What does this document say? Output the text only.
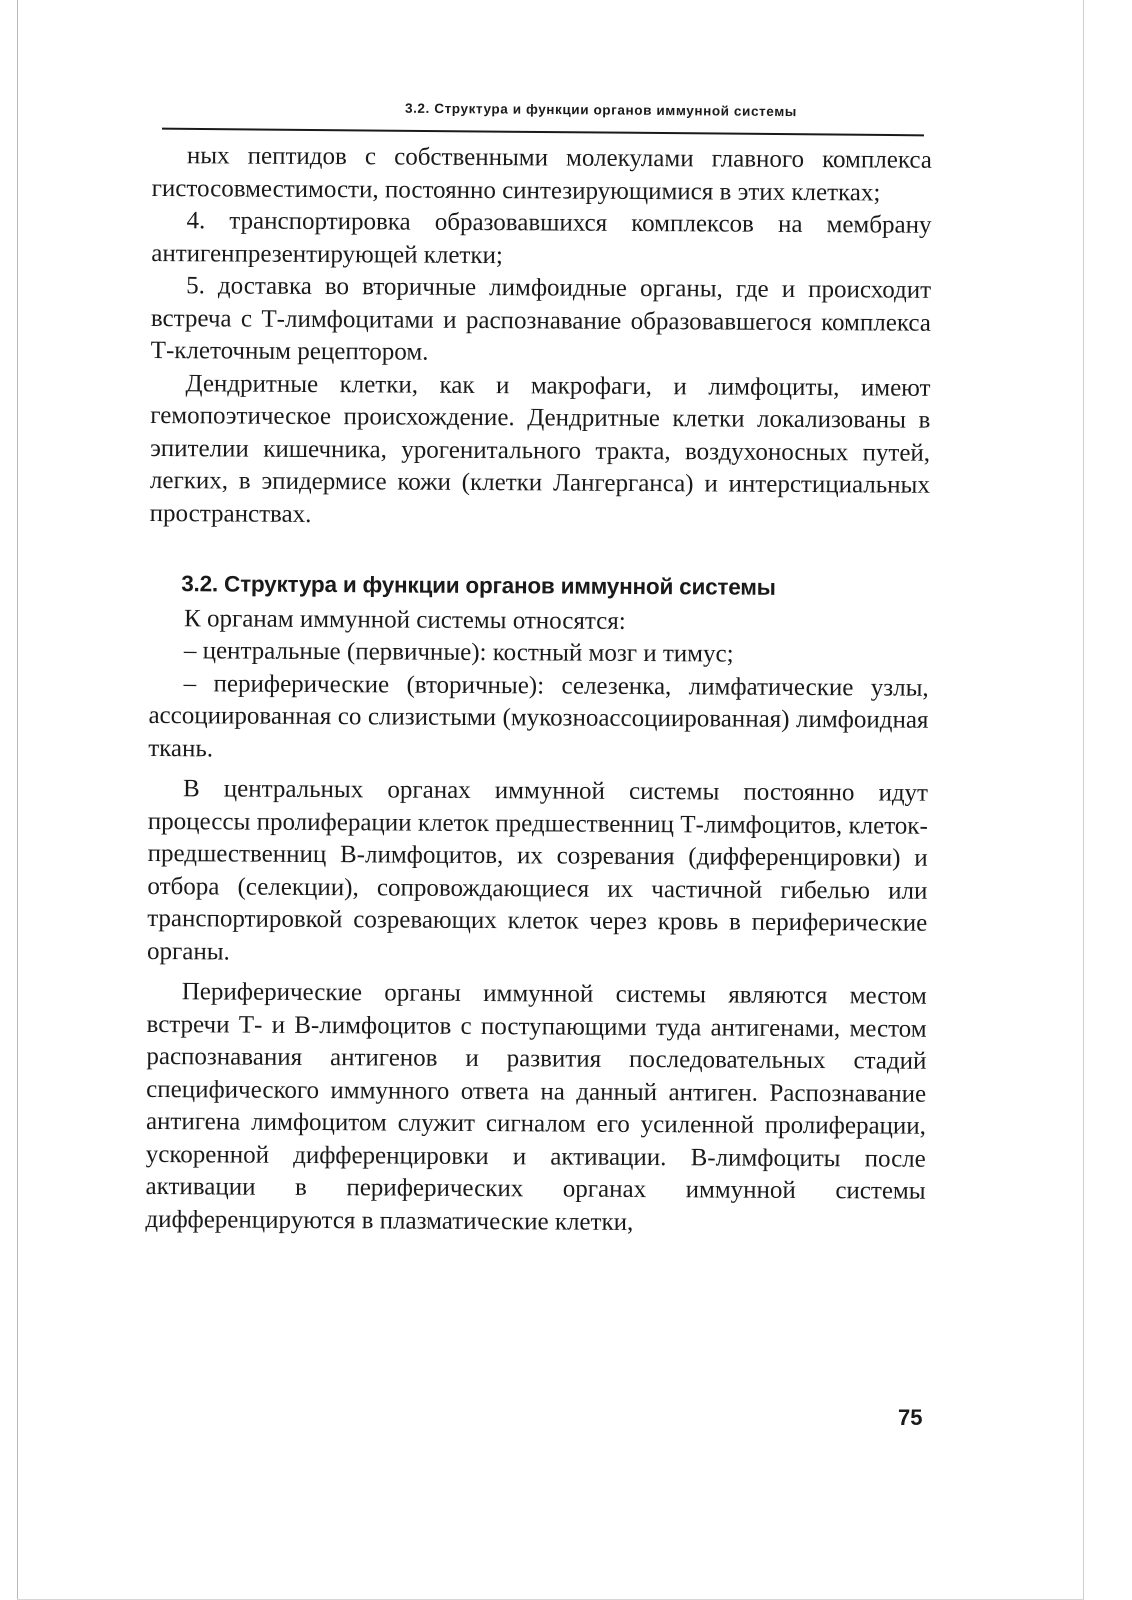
3.2. Структура и функции органов иммунной системы

ных пептидов с собственными молекулами главного комплекса гистосовместимости, постоянно синтезирующимися в этих клетках;

4. транспортировка образовавшихся комплексов на мембрану антигенпрезентирующей клетки;

5. доставка во вторичные лимфоидные органы, где и происходит встреча с Т-лимфоцитами и распознавание образовавшегося комплекса Т-клеточным рецептором.

Дендритные клетки, как и макрофаги, и лимфоциты, имеют гемопоэтическое происхождение. Дендритные клетки локализованы в эпителии кишечника, урогенитального тракта, воздухоносных путей, легких, в эпидермисе кожи (клетки Лангерганса) и интерстициальных пространствах.

3.2. Структура и функции органов иммунной системы

К органам иммунной системы относятся:

– центральные (первичные): костный мозг и тимус;

– периферические (вторичные): селезенка, лимфатические узлы, ассоциированная со слизистыми (мукозноассоциированная) лимфоидная ткань.

В центральных органах иммунной системы постоянно идут процессы пролиферации клеток предшественниц Т-лимфоцитов, клеток-предшественниц В-лимфоцитов, их созревания (дифференцировки) и отбора (селекции), сопровождающиеся их частичной гибелью или транспортировкой созревающих клеток через кровь в периферические органы.

Периферические органы иммунной системы являются местом встречи Т- и В-лимфоцитов с поступающими туда антигенами, местом распознавания антигенов и развития последовательных стадий специфического иммунного ответа на данный антиген. Распознавание антигена лимфоцитом служит сигналом его усиленной пролиферации, ускоренной дифференцировки и активации. В-лимфоциты после активации в периферических органах иммунной системы дифференцируются в плазматические клетки,

75
